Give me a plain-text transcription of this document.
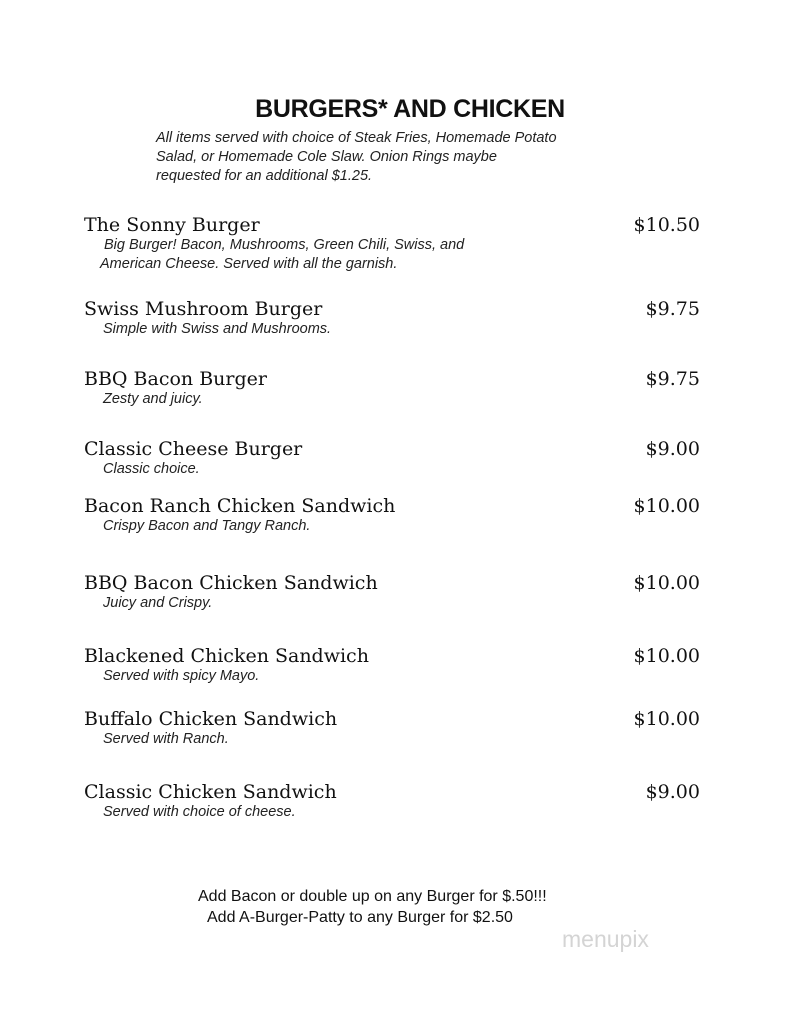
BURGERS* AND CHICKEN
All items served with choice of Steak Fries, Homemade Potato
Salad, or Homemade Cole Slaw. Onion Rings maybe
requested for an additional $1.25.
The Sonny Burger	$10.50
Big Burger! Bacon, Mushrooms, Green Chili, Swiss, and
American Cheese. Served with all the garnish.
Swiss Mushroom Burger	$9.75
Simple with Swiss and Mushrooms.
BBQ Bacon Burger	$9.75
Zesty and juicy.
Classic Cheese Burger	$9.00
Classic choice.
Bacon Ranch Chicken Sandwich	$10.00
Crispy Bacon and Tangy Ranch.
BBQ Bacon Chicken Sandwich	$10.00
Juicy and Crispy.
Blackened Chicken Sandwich	$10.00
Served with spicy Mayo.
Buffalo Chicken Sandwich	$10.00
Served with Ranch.
Classic Chicken Sandwich	$9.00
Served with choice of cheese.
Add Bacon or double up on any Burger for $.50!!!
Add A-Burger-Patty to any Burger for $2.50
menupix
